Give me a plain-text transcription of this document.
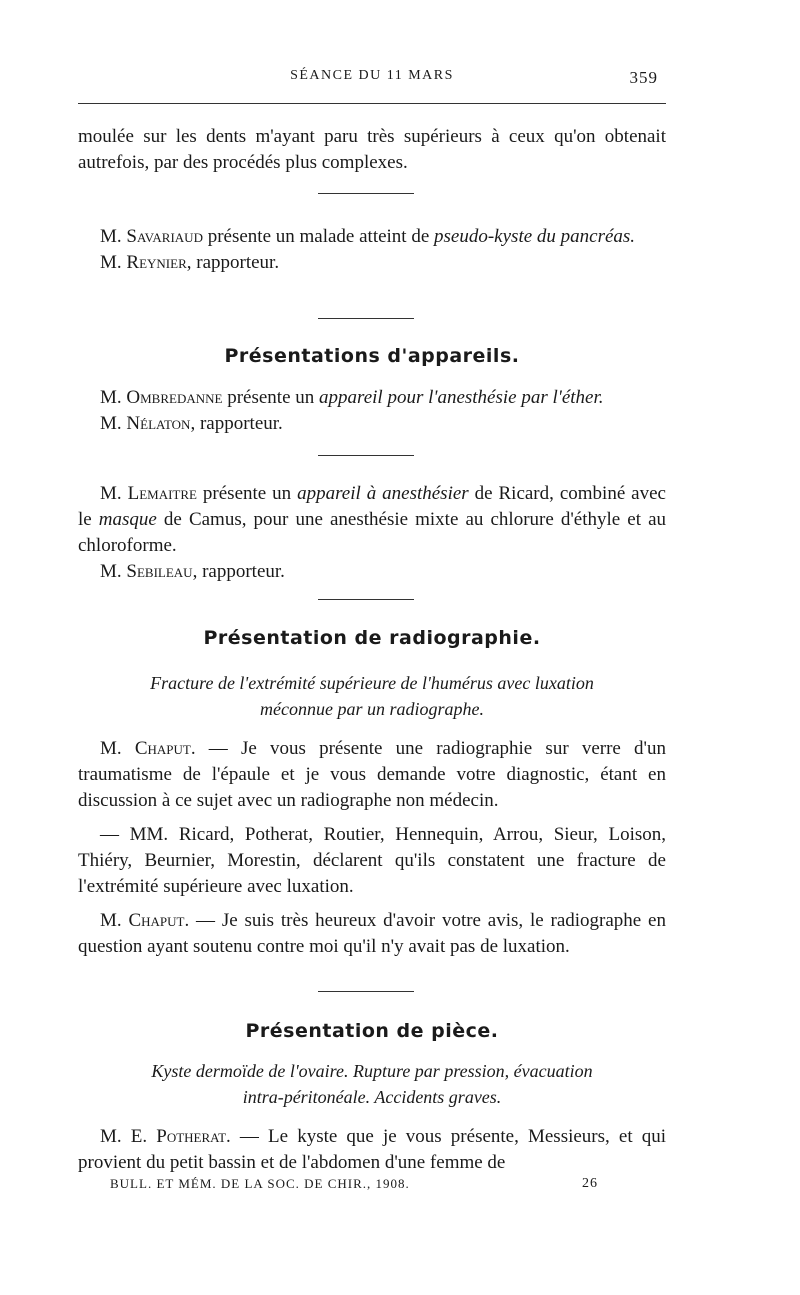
SÉANCE DU 11 MARS	359

moulée sur les dents m'ayant paru très supérieurs à ceux qu'on obtenait autrefois, par des procédés plus complexes.

M. Savariaud présente un malade atteint de pseudo-kyste du pancréas.

M. Reynier, rapporteur.

Présentations d'appareils.

M. Ombredanne présente un appareil pour l'anesthésie par l'éther.

M. Nélaton, rapporteur.

M. Lemaitre présente un appareil à anesthésier de Ricard, combiné avec le masque de Camus, pour une anesthésie mixte au chlorure d'éthyle et au chloroforme.

M. Sebileau, rapporteur.

Présentation de radiographie.
Fracture de l'extrémité supérieure de l'humérus avec luxation
méconnue par un radiographe.

M. Chaput. — Je vous présente une radiographie sur verre d'un traumatisme de l'épaule et je vous demande votre diagnostic, étant en discussion à ce sujet avec un radiographe non médecin.

— MM. Ricard, Potherat, Routier, Hennequin, Arrou, Sieur, Loison, Thiéry, Beurnier, Morestin, déclarent qu'ils constatent une fracture de l'extrémité supérieure avec luxation.

M. Chaput. — Je suis très heureux d'avoir votre avis, le radiographe en question ayant soutenu contre moi qu'il n'y avait pas de luxation.

Présentation de pièce.
Kyste dermoïde de l'ovaire. Rupture par pression, évacuation
intra-péritonéale. Accidents graves.

M. E. Potherat. — Le kyste que je vous présente, Messieurs, et qui provient du petit bassin et de l'abdomen d'une femme de

BULL. ET MÉM. DE LA SOC. DE CHIR., 1908.	26
